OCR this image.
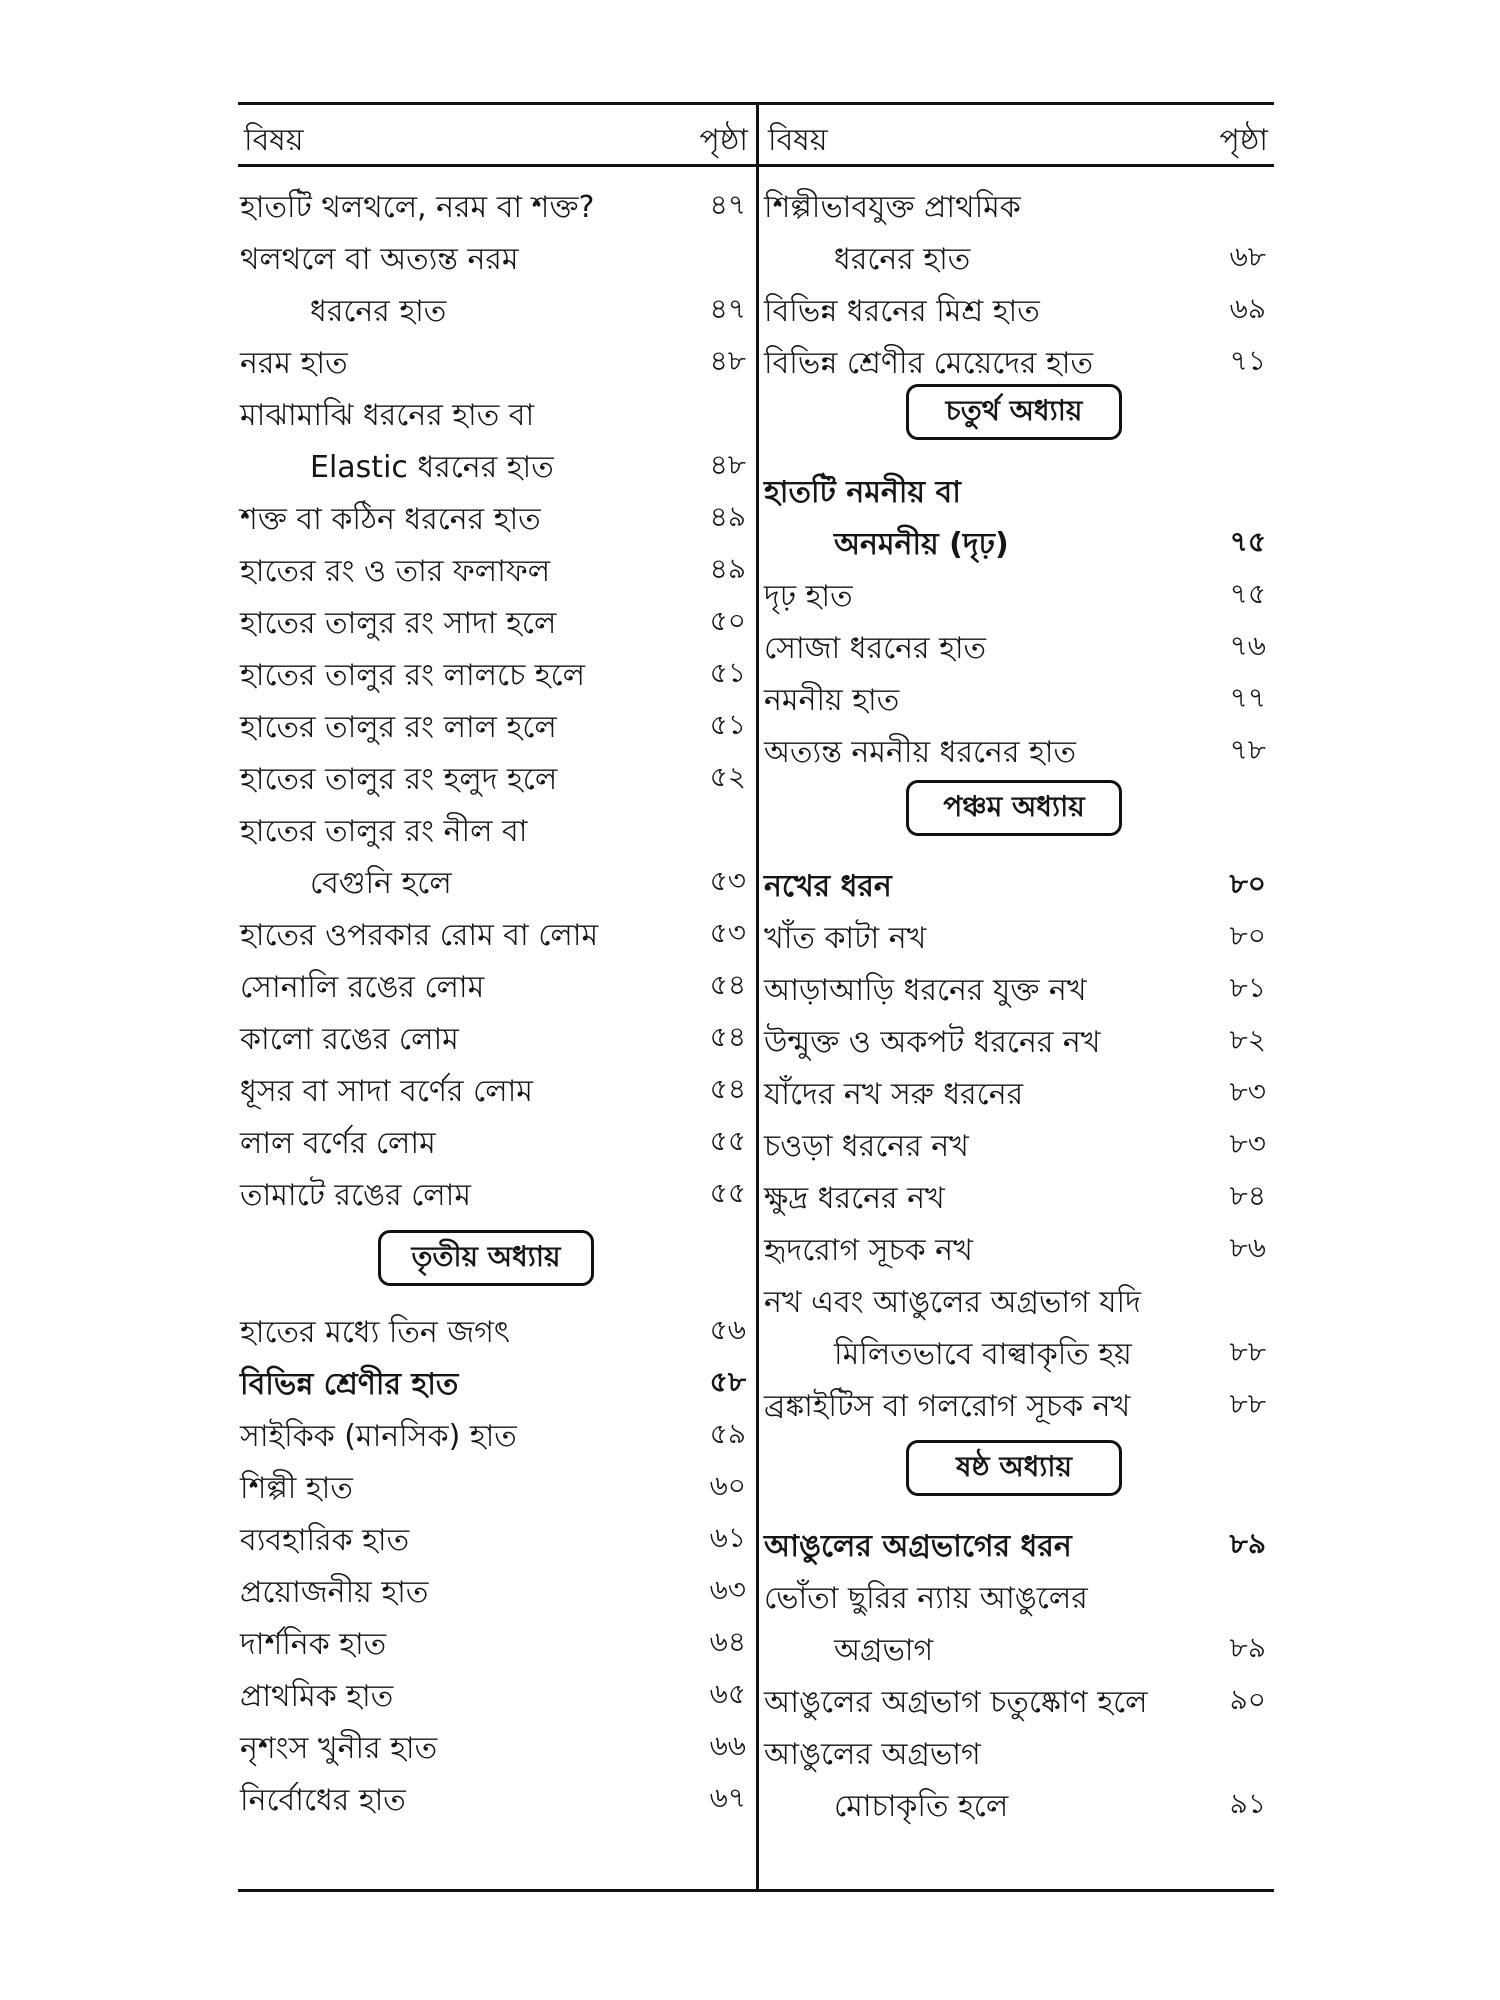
বিষয়	পৃষ্ঠা
হাতটি থলথলে, নরম বা শক্ত?	৪৭
থলথলে বা অত্যন্ত নরম
ধরনের হাত	৪৭
নরম হাত	৪৮
মাঝামাঝি ধরনের হাত বা
Elastic ধরনের হাত	৪৮
শক্ত বা কঠিন ধরনের হাত	৪৯
হাতের রং ও তার ফলাফল	৪৯
হাতের তালুর রং সাদা হলে	৫০
হাতের তালুর রং লালচে হলে	৫১
হাতের তালুর রং লাল হলে	৫১
হাতের তালুর রং হলুদ হলে	৫২
হাতের তালুর রং নীল বা
বেগুনি হলে	৫৩
হাতের ওপরকার রোম বা লোম	৫৩
সোনালি রঙের লোম	৫৪
কালো রঙের লোম	৫৪
ধূসর বা সাদা বর্ণের লোম	৫৪
লাল বর্ণের লোম	৫৫
তামাটে রঙের লোম	৫৫
তৃতীয় অধ্যায়
হাতের মধ্যে তিন জগৎ	৫৬
বিভিন্ন শ্রেণীর হাত	৫৮
সাইকিক (মানসিক) হাত	৫৯
শিল্পী হাত	৬০
ব্যবহারিক হাত	৬১
প্রয়োজনীয় হাত	৬৩
দার্শনিক হাত	৬৪
প্রাথমিক হাত	৬৫
নৃশংস খুনীর হাত	৬৬
নির্বোধের হাত	৬৭
বিষয়	পৃষ্ঠা
শিল্পীভাবযুক্ত প্রাথমিক
ধরনের হাত	৬৮
বিভিন্ন ধরনের মিশ্র হাত	৬৯
বিভিন্ন শ্রেণীর মেয়েদের হাত	৭১
চতুর্থ অধ্যায়
হাতটি নমনীয় বা
অনমনীয় (দৃঢ়)	৭৫
দৃঢ় হাত	৭৫
সোজা ধরনের হাত	৭৬
নমনীয় হাত	৭৭
অত্যন্ত নমনীয় ধরনের হাত	৭৮
পঞ্চম অধ্যায়
নখের ধরন	৮০
খাঁত কাটা নখ	৮০
আড়াআড়ি ধরনের যুক্ত নখ	৮১
উন্মুক্ত ও অকপট ধরনের নখ	৮২
যাঁদের নখ সরু ধরনের	৮৩
চওড়া ধরনের নখ	৮৩
ক্ষুদ্র ধরনের নখ	৮৪
হৃদরোগ সূচক নখ	৮৬
নখ এবং আঙুলের অগ্রভাগ যদি
মিলিতভাবে বাল্বাকৃতি হয়	৮৮
ব্রঙ্কাইটিস বা গলরোগ সূচক নখ	৮৮
ষষ্ঠ অধ্যায়
আঙুলের অগ্রভাগের ধরন	৮৯
ভোঁতা ছুরির ন্যায় আঙুলের
অগ্রভাগ	৮৯
আঙুলের অগ্রভাগ চতুষ্কোণ হলে	৯০
আঙুলের অগ্রভাগ
মোচাকৃতি হলে	৯১
